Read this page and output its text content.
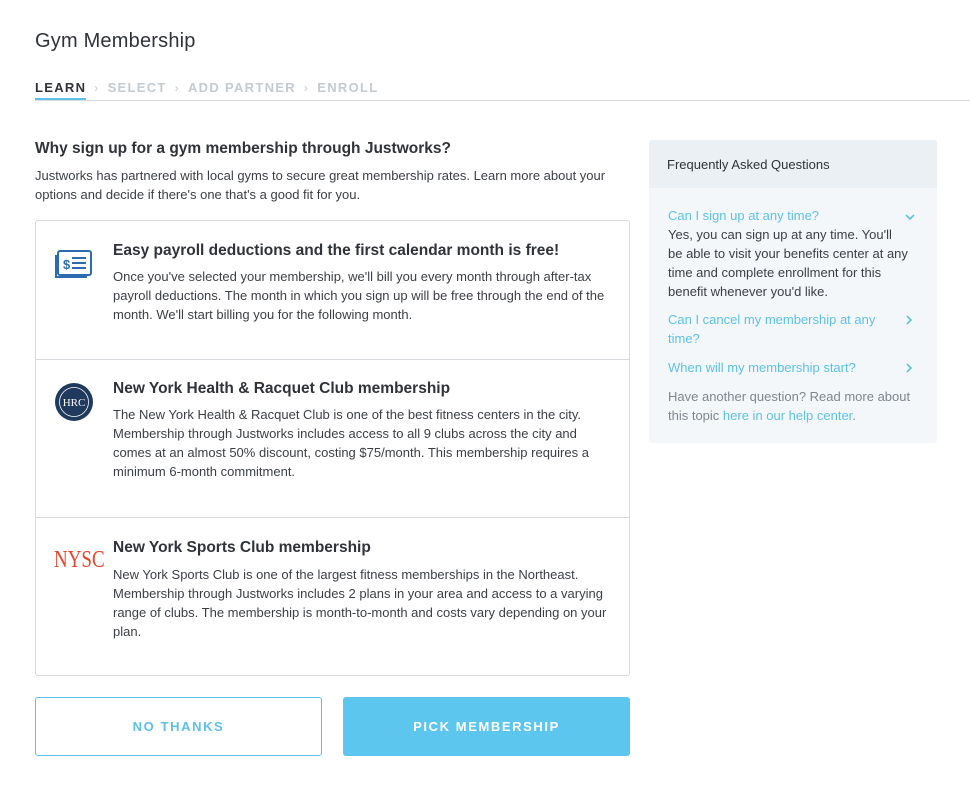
Gym Membership
LEARN › SELECT › ADD PARTNER › ENROLL
Why sign up for a gym membership through Justworks?

Justworks has partnered with local gyms to secure great membership rates. Learn more about your options and decide if there's one that's a good fit for you.

$
Easy payroll deductions and the first calendar month is free!

Once you've selected your membership, we'll bill you every month through after-tax payroll deductions. The month in which you sign up will be free through the end of the month. We'll start billing you for the following month.

HRC
New York Health & Racquet Club membership

The New York Health & Racquet Club is one of the best fitness centers in the city. Membership through Justworks includes access to all 9 clubs across the city and comes at an almost 50% discount, costing $75/month. This membership requires a minimum 6-month commitment.

NYSC New York Sports Club membership

New York Sports Club is one of the largest fitness memberships in the Northeast. Membership through Justworks includes 2 plans in your area and access to a varying range of clubs. The membership is month-to-month and costs vary depending on your plan.

NO THANKS	PICK MEMBERSHIP
Frequently Asked Questions

Can I sign up at any time?

Yes, you can sign up at any time. You'll be able to visit your benefits center at any time and complete enrollment for this benefit whenever you'd like.

Can I cancel my membership at any time?

When will my membership start?

Have another question? Read more about this topic here in our help center.
